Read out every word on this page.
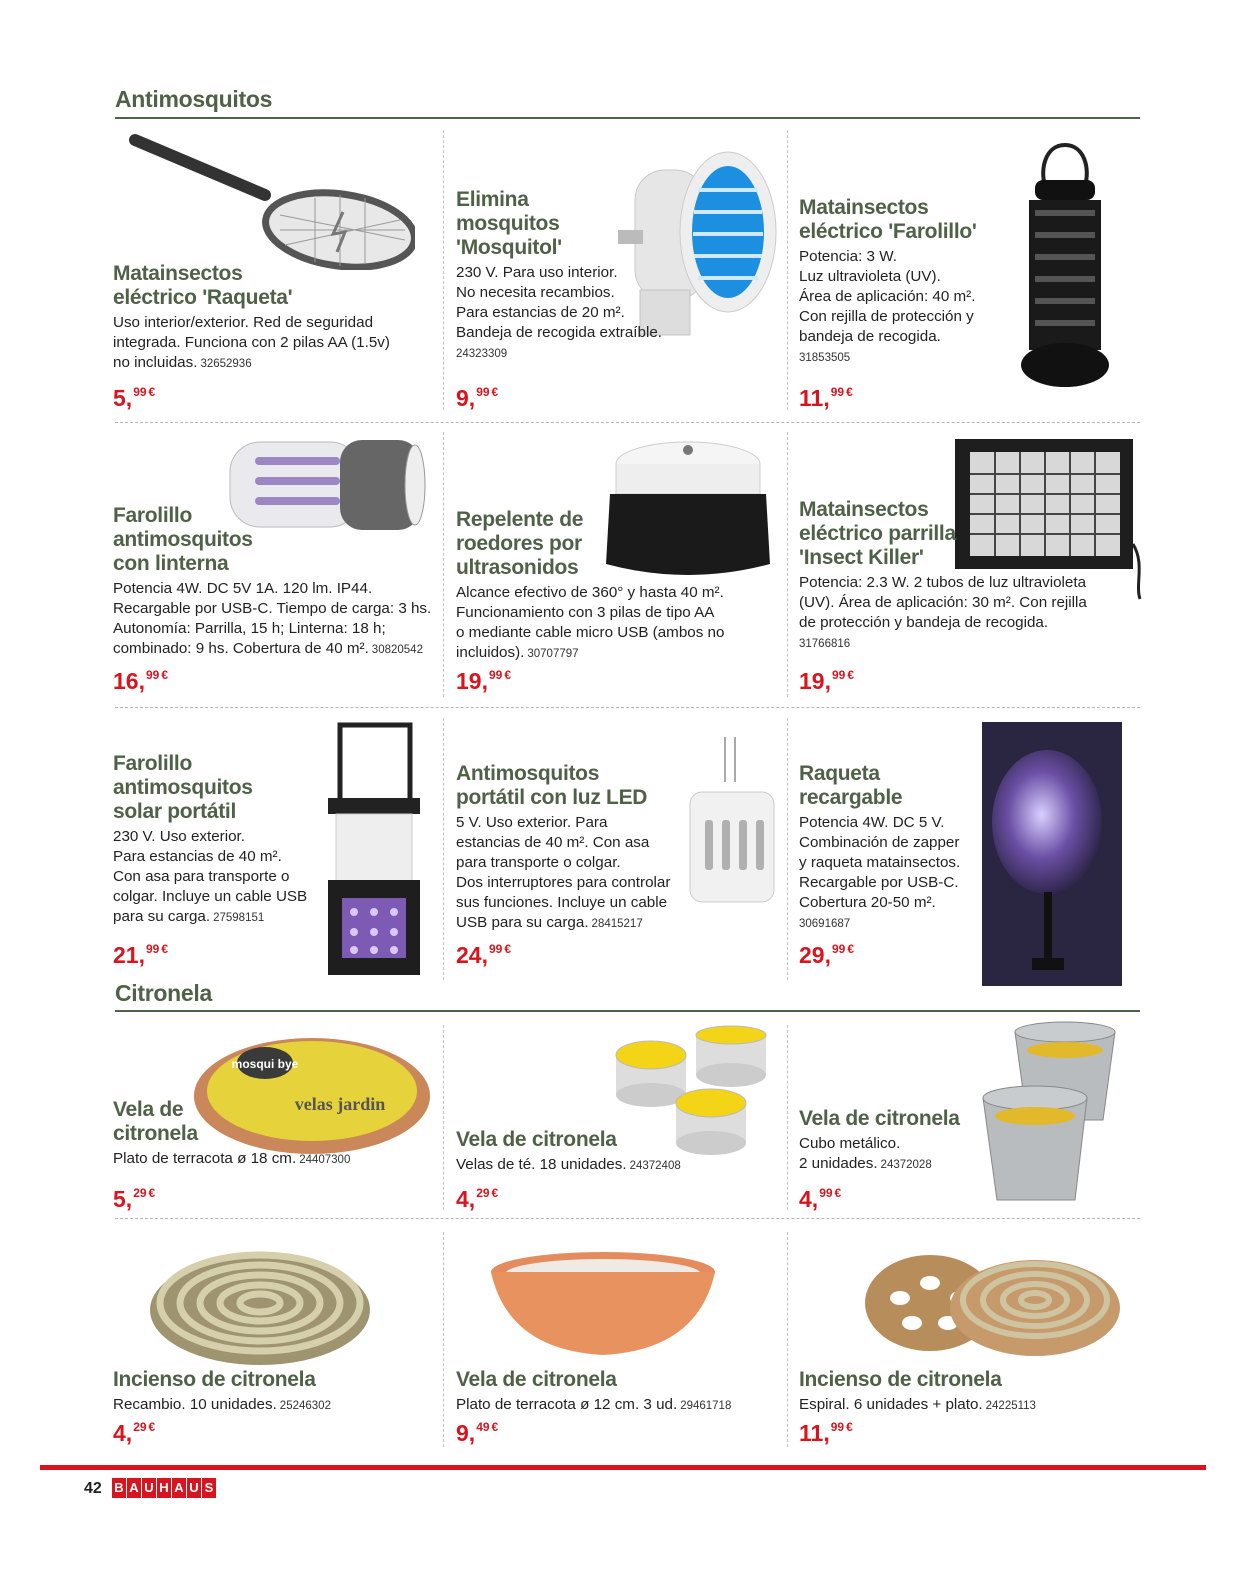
Antimosquitos
Matainsectos
eléctrico 'Raqueta'
Uso interior/exterior. Red de seguridad
integrada. Funciona con 2 pilas AA (1.5v)
no incluidas. 32652936
5,99 €
Elimina
mosquitos
'Mosquitol'
230 V. Para uso interior.
No necesita recambios.
Para estancias de 20 m².
Bandeja de recogida extraíble.
24323309
9,99 €
Matainsectos
eléctrico 'Farolillo'
Potencia: 3 W.
Luz ultravioleta (UV).
Área de aplicación: 40 m².
Con rejilla de protección y
bandeja de recogida.
31853505
11,99 €
Farolillo
antimosquitos
con linterna
Potencia 4W. DC 5V 1A. 120 lm. IP44.
Recargable por USB-C. Tiempo de carga: 3 hs.
Autonomía: Parrilla, 15 h; Linterna: 18 h;
combinado: 9 hs. Cobertura de 40 m². 30820542
16,99 €
Repelente de
roedores por
ultrasonidos
Alcance efectivo de 360° y hasta 40 m².
Funcionamiento con 3 pilas de tipo AA
o mediante cable micro USB (ambos no
incluidos). 30707797
19,99 €
Matainsectos
eléctrico parrilla
'Insect Killer'
Potencia: 2.3 W. 2 tubos de luz ultravioleta
(UV). Área de aplicación: 30 m². Con rejilla
de protección y bandeja de recogida.
31766816
19,99 €
Farolillo
antimosquitos
solar portátil
230 V. Uso exterior.
Para estancias de 40 m².
Con asa para transporte o
colgar. Incluye un cable USB
para su carga. 27598151
21,99 €
Antimosquitos
portátil con luz LED
5 V. Uso exterior. Para
estancias de 40 m². Con asa
para transporte o colgar.
Dos interruptores para controlar
sus funciones. Incluye un cable
USB para su carga. 28415217
24,99 €
Raqueta
recargable
Potencia 4W. DC 5 V.
Combinación de zapper
y raqueta matainsectos.
Recargable por USB-C.
Cobertura 20-50 m².
30691687
29,99 €
Citronela
mosqui bye
velas jardin
Vela de
citronela
Plato de terracota ø 18 cm. 24407300
5,29 €
Vela de citronela
Velas de té. 18 unidades. 24372408
4,29 €
Vela de citronela
Cubo metálico.
2 unidades. 24372028
4,99 €
Incienso de citronela
Recambio. 10 unidades. 25246302
4,29 €
Vela de citronela
Plato de terracota ø 12 cm. 3 ud. 29461718
9,49 €
Incienso de citronela
Espiral. 6 unidades + plato. 24225113
11,99 €
42 B A U H A U S
